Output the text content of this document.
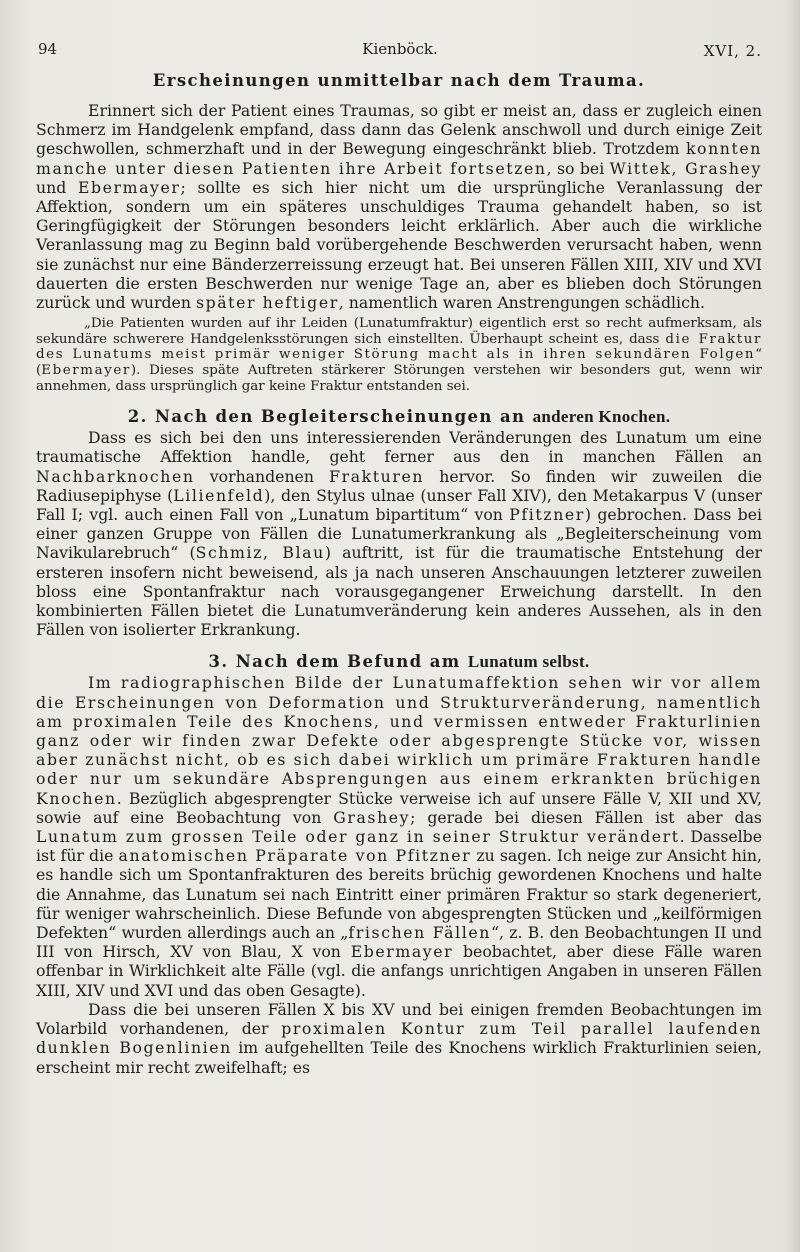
94	Kienböck.	XVI, 2.
Erscheinungen unmittelbar nach dem Trauma.

Erinnert sich der Patient eines Traumas, so gibt er meist an, dass er zugleich einen Schmerz im Handgelenk empfand, dass dann das Gelenk anschwoll und durch einige Zeit geschwollen, schmerzhaft und in der Bewegung eingeschränkt blieb. Trotzdem konnten manche unter diesen Patienten ihre Arbeit fortsetzen, so bei Wittek, Grashey und Ebermayer; sollte es sich hier nicht um die ursprüngliche Veranlassung der Affektion, sondern um ein späteres unschuldiges Trauma gehandelt haben, so ist Geringfügigkeit der Störungen besonders leicht erklärlich. Aber auch die wirkliche Veranlassung mag zu Beginn bald vorübergehende Beschwerden verursacht haben, wenn sie zunächst nur eine Bänderzerreissung erzeugt hat. Bei unseren Fällen XIII, XIV und XVI dauerten die ersten Beschwerden nur wenige Tage an, aber es blieben doch Störungen zurück und wurden später heftiger, namentlich waren Anstrengungen schädlich.

„Die Patienten wurden auf ihr Leiden (Lunatumfraktur) eigentlich erst so recht aufmerksam, als sekundäre schwerere Handgelenksstörungen sich einstellten. Überhaupt scheint es, dass die Fraktur des Lunatums meist primär weniger Störung macht als in ihren sekundären Folgen“ (Ebermayer). Dieses späte Auftreten stärkerer Störungen verstehen wir besonders gut, wenn wir annehmen, dass ursprünglich gar keine Fraktur entstanden sei.

2. Nach den Begleiterscheinungen an anderen Knochen.

Dass es sich bei den uns interessierenden Veränderungen des Lunatum um eine traumatische Affektion handle, geht ferner aus den in manchen Fällen an Nachbarknochen vorhandenen Frakturen hervor. So finden wir zuweilen die Radiusepiphyse (Lilienfeld), den Stylus ulnae (unser Fall XIV), den Metakarpus V (unser Fall I; vgl. auch einen Fall von „Lunatum bipartitum“ von Pfitzner) gebrochen. Dass bei einer ganzen Gruppe von Fällen die Lunatumerkrankung als „Begleiterscheinung vom Navikularebruch“ (Schmiz, Blau) auftritt, ist für die traumatische Entstehung der ersteren insofern nicht beweisend, als ja nach unseren Anschauungen letzterer zuweilen bloss eine Spontanfraktur nach vorausgegangener Erweichung darstellt. In den kombinierten Fällen bietet die Lunatumveränderung kein anderes Aussehen, als in den Fällen von isolierter Erkrankung.

3. Nach dem Befund am Lunatum selbst.

Im radiographischen Bilde der Lunatumaffektion sehen wir vor allem die Erscheinungen von Deformation und Strukturveränderung, namentlich am proximalen Teile des Knochens, und vermissen entweder Frakturlinien ganz oder wir finden zwar Defekte oder abgesprengte Stücke vor, wissen aber zunächst nicht, ob es sich dabei wirklich um primäre Frakturen handle oder nur um sekundäre Absprengungen aus einem erkrankten brüchigen Knochen. Bezüglich abgesprengter Stücke verweise ich auf unsere Fälle V, XII und XV, sowie auf eine Beobachtung von Grashey; gerade bei diesen Fällen ist aber das Lunatum zum grossen Teile oder ganz in seiner Struktur verändert. Dasselbe ist für die anatomischen Präparate von Pfitzner zu sagen. Ich neige zur Ansicht hin, es handle sich um Spontanfrakturen des bereits brüchig gewordenen Knochens und halte die Annahme, das Lunatum sei nach Eintritt einer primären Fraktur so stark degeneriert, für weniger wahrscheinlich. Diese Befunde von abgesprengten Stücken und „keilförmigen Defekten“ wurden allerdings auch an „frischen Fällen“, z. B. den Beobachtungen II und III von Hirsch, XV von Blau, X von Ebermayer beobachtet, aber diese Fälle waren offenbar in Wirklichkeit alte Fälle (vgl. die anfangs unrichtigen Angaben in unseren Fällen XIII, XIV und XVI und das oben Gesagte).

Dass die bei unseren Fällen X bis XV und bei einigen fremden Beobachtungen im Volarbild vorhandenen, der proximalen Kontur zum Teil parallel laufenden dunklen Bogenlinien im aufgehellten Teile des Knochens wirklich Frakturlinien seien, erscheint mir recht zweifelhaft; es
